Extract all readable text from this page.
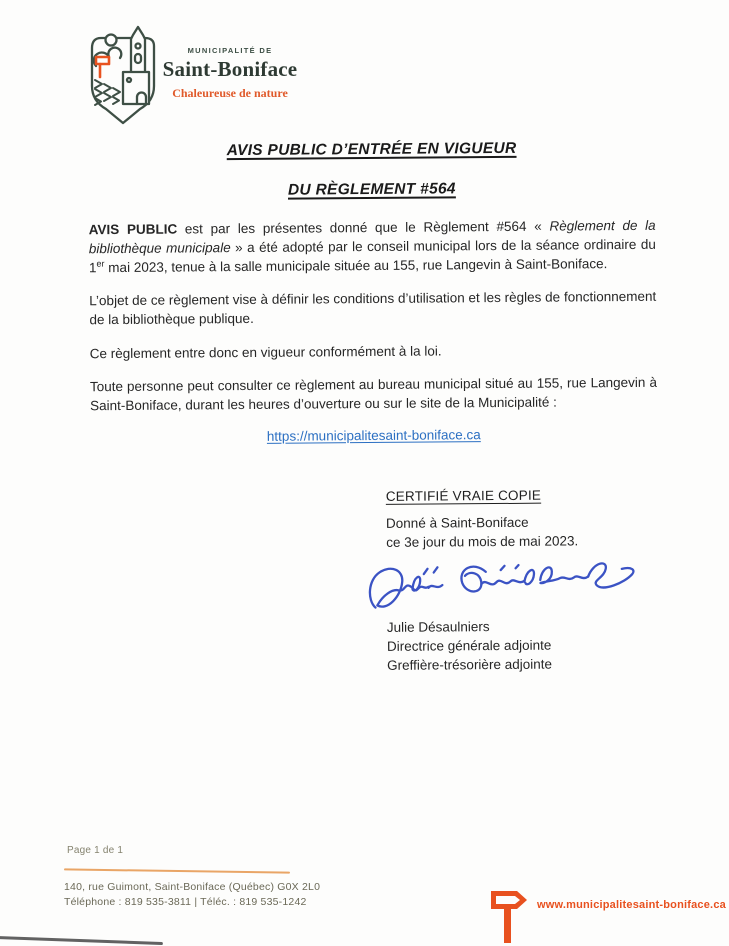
MUNICIPALITÉ DE
Saint-Boniface
Chaleureuse de nature
AVIS PUBLIC D’ENTRÉE EN VIGUEUR
DU RÈGLEMENT #564

AVIS PUBLIC est par les présentes donné que le Règlement #564 « Règlement de la bibliothèque municipale » a été adopté par le conseil municipal lors de la séance ordinaire du 1er mai 2023, tenue à la salle municipale située au 155, rue Langevin à Saint-Boniface.

L’objet de ce règlement vise à définir les conditions d’utilisation et les règles de fonctionnement de la bibliothèque publique.

Ce règlement entre donc en vigueur conformément à la loi.

Toute personne peut consulter ce règlement au bureau municipal situé au 155, rue Langevin à Saint-Boniface, durant les heures d’ouverture ou sur le site de la Municipalité :

https://municipalitesaint-boniface.ca
CERTIFIÉ VRAIE COPIE
Donné à Saint-Boniface
ce 3e jour du mois de mai 2023.
Julie Désaulniers
Directrice générale adjointe
Greffière-trésorière adjointe
Page 1 de 1
140, rue Guimont, Saint-Boniface (Québec) G0X 2L0
Téléphone : 819 535-3811 | Téléc. : 819 535-1242	www.municipalitesaint-boniface.ca
